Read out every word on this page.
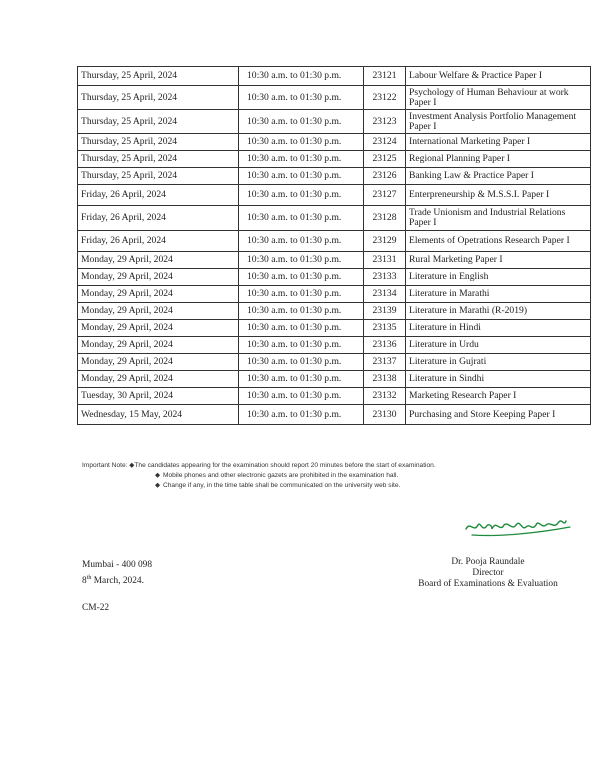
Thursday, 25 April, 2024	10:30 a.m. to 01:30 p.m.	23121	Labour Welfare & Practice Paper I
Thursday, 25 April, 2024	10:30 a.m. to 01:30 p.m.	23122	Psychology of Human Behaviour at work Paper I
Thursday, 25 April, 2024	10:30 a.m. to 01:30 p.m.	23123	Investment Analysis Portfolio Management Paper I
Thursday, 25 April, 2024	10:30 a.m. to 01:30 p.m.	23124	International Marketing Paper I
Thursday, 25 April, 2024	10:30 a.m. to 01:30 p.m.	23125	Regional Planning Paper I
Thursday, 25 April, 2024	10:30 a.m. to 01:30 p.m.	23126	Banking Law & Practice Paper I
Friday, 26 April, 2024	10:30 a.m. to 01:30 p.m.	23127	Enterpreneurship & M.S.S.I. Paper I
Friday, 26 April, 2024	10:30 a.m. to 01:30 p.m.	23128	Trade Unionism and Industrial Relations Paper I
Friday, 26 April, 2024	10:30 a.m. to 01:30 p.m.	23129	Elements of Opetrations Research Paper I
Monday, 29 April, 2024	10:30 a.m. to 01:30 p.m.	23131	Rural Marketing Paper I
Monday, 29 April, 2024	10:30 a.m. to 01:30 p.m.	23133	Literature in English
Monday, 29 April, 2024	10:30 a.m. to 01:30 p.m.	23134	Literature in Marathi
Monday, 29 April, 2024	10:30 a.m. to 01:30 p.m.	23139	Literature in Marathi (R-2019)
Monday, 29 April, 2024	10:30 a.m. to 01:30 p.m.	23135	Literature in Hindi
Monday, 29 April, 2024	10:30 a.m. to 01:30 p.m.	23136	Literature in Urdu
Monday, 29 April, 2024	10:30 a.m. to 01:30 p.m.	23137	Literature in Gujrati
Monday, 29 April, 2024	10:30 a.m. to 01:30 p.m.	23138	Literature in Sindhi
Tuesday, 30 April, 2024	10:30 a.m. to 01:30 p.m.	23132	Marketing Research Paper I
Wednesday, 15 May, 2024	10:30 a.m. to 01:30 p.m.	23130	Purchasing and Store Keeping Paper I
Important Note: ◆The candidates appearing for the examination should report 20 minutes before the start of examination.
◆ Mobile phones and other electronic gazets are prohibited in the examination hall.
◆ Change if any, in the time table shall be communicated on the university web site.
Mumbai - 400 098
8th March, 2024.
Dr. Pooja Raundale
Director
Board of Examinations & Evaluation
CM-22
